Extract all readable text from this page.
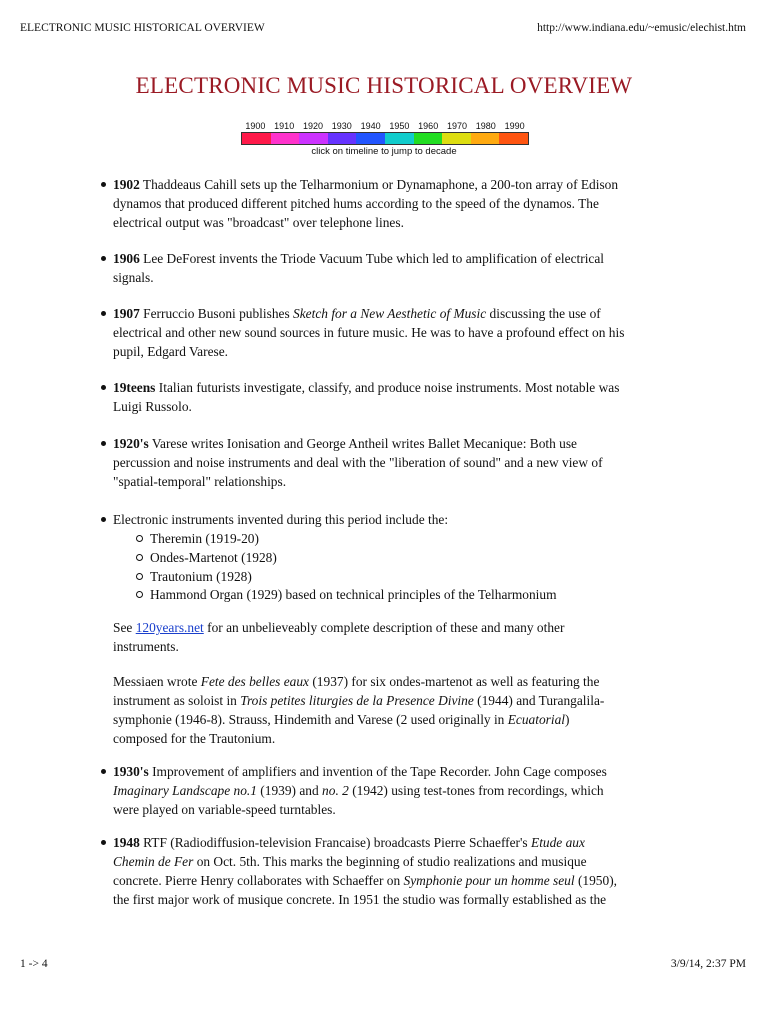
ELECTRONIC MUSIC HISTORICAL OVERVIEW	http://www.indiana.edu/~emusic/elechist.htm
ELECTRONIC MUSIC HISTORICAL OVERVIEW
1900 1910 1920 1930 1940 1950 1960 1970 1980 1990
click on timeline to jump to decade
1902 Thaddeaus Cahill sets up the Telharmonium or Dynamaphone, a 200-ton array of Edison
dynamos that produced different pitched hums according to the speed of the dynamos. The
electrical output was "broadcast" over telephone lines.
1906 Lee DeForest invents the Triode Vacuum Tube which led to amplification of electrical
signals.
1907 Ferruccio Busoni publishes Sketch for a New Aesthetic of Music discussing the use of
electrical and other new sound sources in future music. He was to have a profound effect on his
pupil, Edgard Varese.
19teens Italian futurists investigate, classify, and produce noise instruments. Most notable was
Luigi Russolo.
1920's Varese writes Ionisation and George Antheil writes Ballet Mecanique: Both use
percussion and noise instruments and deal with the "liberation of sound" and a new view of
"spatial-temporal" relationships.
Electronic instruments invented during this period include the:
Theremin (1919-20)
Ondes-Martenot (1928)
Trautonium (1928)
Hammond Organ (1929) based on technical principles of the Telharmonium
See 120years.net for an unbelieveably complete description of these and many other
instruments.
Messiaen wrote Fete des belles eaux (1937) for six ondes-martenot as well as featuring the
instrument as soloist in Trois petites liturgies de la Presence Divine (1944) and Turangalila-
symphonie (1946-8). Strauss, Hindemith and Varese (2 used originally in Ecuatorial)
composed for the Trautonium.
1930's Improvement of amplifiers and invention of the Tape Recorder. John Cage composes
Imaginary Landscape no.1 (1939) and no. 2 (1942) using test-tones from recordings, which
were played on variable-speed turntables.
1948 RTF (Radiodiffusion-television Francaise) broadcasts Pierre Schaeffer's Etude aux
Chemin de Fer on Oct. 5th. This marks the beginning of studio realizations and musique
concrete. Pierre Henry collaborates with Schaeffer on Symphonie pour un homme seul (1950),
the first major work of musique concrete. In 1951 the studio was formally established as the
1 -> 4	3/9/14, 2:37 PM
